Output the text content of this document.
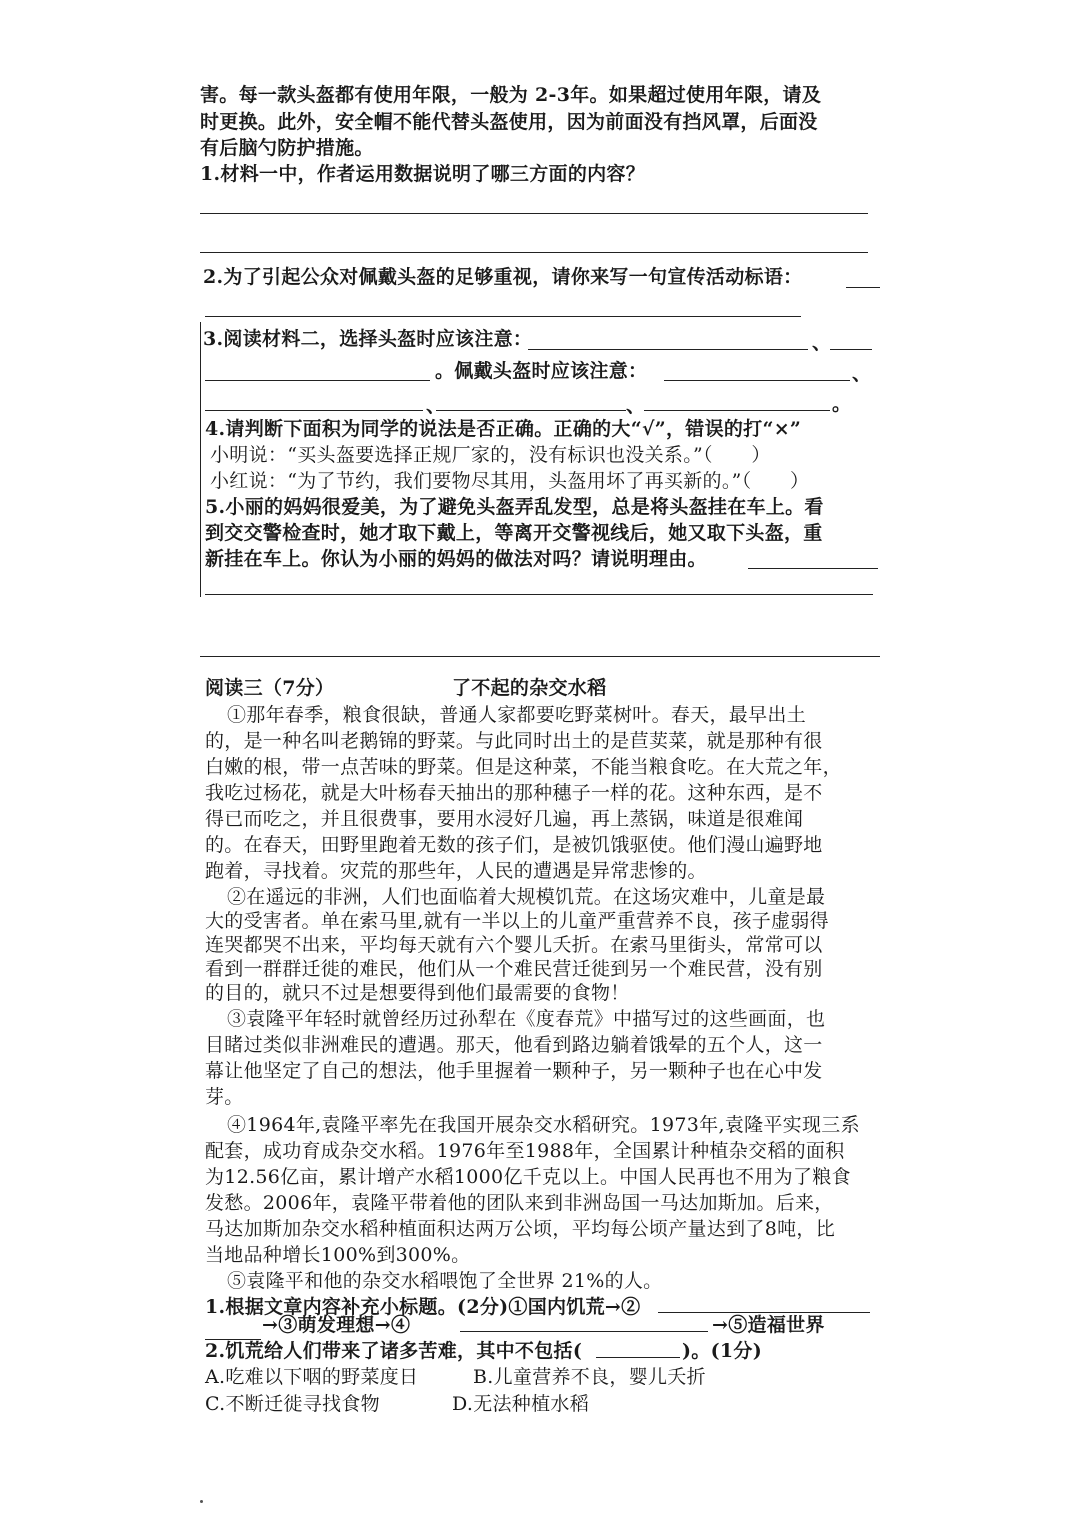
害。每一款头盔都有使用年限，一般为 2-3年。如果超过使用年限，请及
时更换。此外，安全帽不能代替头盔使用，因为前面没有挡风罩，后面没
有后脑勺防护措施。
1.材料一中，作者运用数据说明了哪三方面的内容？
2.为了引起公众对佩戴头盔的足够重视，请你来写一句宣传活动标语：
3.阅读材料二，选择头盔时应该注意：	、
。佩戴头盔时应该注意：	、
、	、	。
4.请判断下面积为同学的说法是否正确。正确的大“√”，错误的打“×”
小明说：“买头盔要选择正规厂家的，没有标识也没关系。”（　　）
小红说：“为了节约，我们要物尽其用，头盔用坏了再买新的。”（　　）
5.小丽的妈妈很爱美，为了避免头盔弄乱发型，总是将头盔挂在车上。看
到交交警检查时，她才取下戴上，等离开交警视线后，她又取下头盔，重
新挂在车上。你认为小丽的妈妈的做法对吗？请说明理由。
阅读三（7分）	了不起的杂交水稻
①那年春季，粮食很缺，普通人家都要吃野菜树叶。春天，最早出土
的，是一种名叫老鹅锦的野菜。与此同时出土的是苣荬菜，就是那种有很
白嫩的根，带一点苦味的野菜。但是这种菜，不能当粮食吃。在大荒之年，
我吃过杨花，就是大叶杨春天抽出的那种穗子一样的花。这种东西，是不
得已而吃之，并且很费事，要用水浸好几遍，再上蒸锅，味道是很难闻
的。在春天，田野里跑着无数的孩子们，是被饥饿驱使。他们漫山遍野地
跑着，寻找着。灾荒的那些年，人民的遭遇是异常悲惨的。
②在遥远的非洲，人们也面临着大规模饥荒。在这场灾难中，儿童是最
大的受害者。单在索马里,就有一半以上的儿童严重营养不良，孩子虚弱得
连哭都哭不出来，平均每天就有六个婴儿夭折。在索马里街头，常常可以
看到一群群迁徙的难民，他们从一个难民营迁徙到另一个难民营，没有别
的目的，就只不过是想要得到他们最需要的食物！
③袁隆平年轻时就曾经历过孙犁在《度春荒》中描写过的这些画面，也
目睹过类似非洲难民的遭遇。那天，他看到路边躺着饿晕的五个人，这一
幕让他坚定了自己的想法，他手里握着一颗种子，另一颗种子也在心中发
芽。
④1964年,袁隆平率先在我国开展杂交水稻研究。1973年,袁隆平实现三系
配套，成功育成杂交水稻。1976年至1988年，全国累计种植杂交稻的面积
为12.56亿亩，累计增产水稻1000亿千克以上。中国人民再也不用为了粮食
发愁。2006年，袁隆平带着他的团队来到非洲岛国一马达加斯加。后来，
马达加斯加杂交水稻种植面积达两万公顷，平均每公顷产量达到了8吨，比
当地品种增长100%到300%。
⑤袁隆平和他的杂交水稻喂饱了全世界 21%的人。
1.根据文章内容补充小标题。(2分)①国内饥荒→②
→③萌发理想→④	→⑤造福世界
2.饥荒给人们带来了诸多苦难，其中不包括(	)。(1分)
A.吃难以下咽的野菜度日	B.儿童营养不良，婴儿夭折
C.不断迁徙寻找食物	D.无法种植水稻
